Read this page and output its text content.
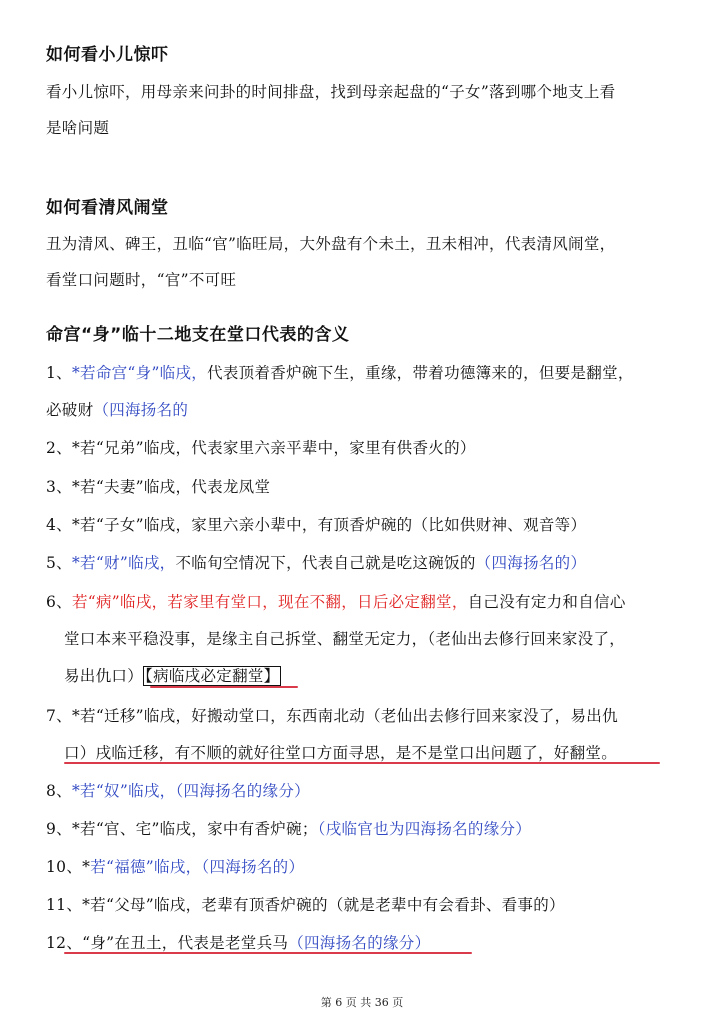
如何看小儿惊吓
看小儿惊吓，用母亲来问卦的时间排盘，找到母亲起盘的“子女”落到哪个地支上看
是啥问题
如何看清风闹堂
丑为清风、碑王，丑临“官”临旺局，大外盘有个未土，丑未相冲，代表清风闹堂，
看堂口问题时，“官”不可旺
命宫“身”临十二地支在堂口代表的含义
1、*若命宫“身”临戌，代表顶着香炉碗下生，重缘，带着功德簿来的，但要是翻堂，
必破财（四海扬名的
2、*若“兄弟”临戌，代表家里六亲平辈中，家里有供香火的）
3、*若“夫妻”临戌，代表龙凤堂
4、*若“子女”临戌，家里六亲小辈中，有顶香炉碗的（比如供财神、观音等）
5、*若“财”临戌，不临旬空情况下，代表自己就是吃这碗饭的（四海扬名的）
6、若“病”临戌，若家里有堂口，现在不翻，日后必定翻堂，自己没有定力和自信心
堂口本来平稳没事，是缘主自己拆堂、翻堂无定力，（老仙出去修行回来家没了，
易出仇口） 【病临戌必定翻堂】
7、*若“迁移”临戌，好搬动堂口，东西南北动（老仙出去修行回来家没了，易出仇
口）戌临迁移，有不顺的就好往堂口方面寻思，是不是堂口出问题了，好翻堂。
8、*若“奴”临戌，（四海扬名的缘分）
9、*若“官、宅”临戌，家中有香炉碗；（戌临官也为四海扬名的缘分）
10、*若“福德”临戌，（四海扬名的）
11、*若“父母”临戌，老辈有顶香炉碗的（就是老辈中有会看卦、看事的）
12、“身”在丑土，代表是老堂兵马（四海扬名的缘分）
第 6 页 共 36 页
